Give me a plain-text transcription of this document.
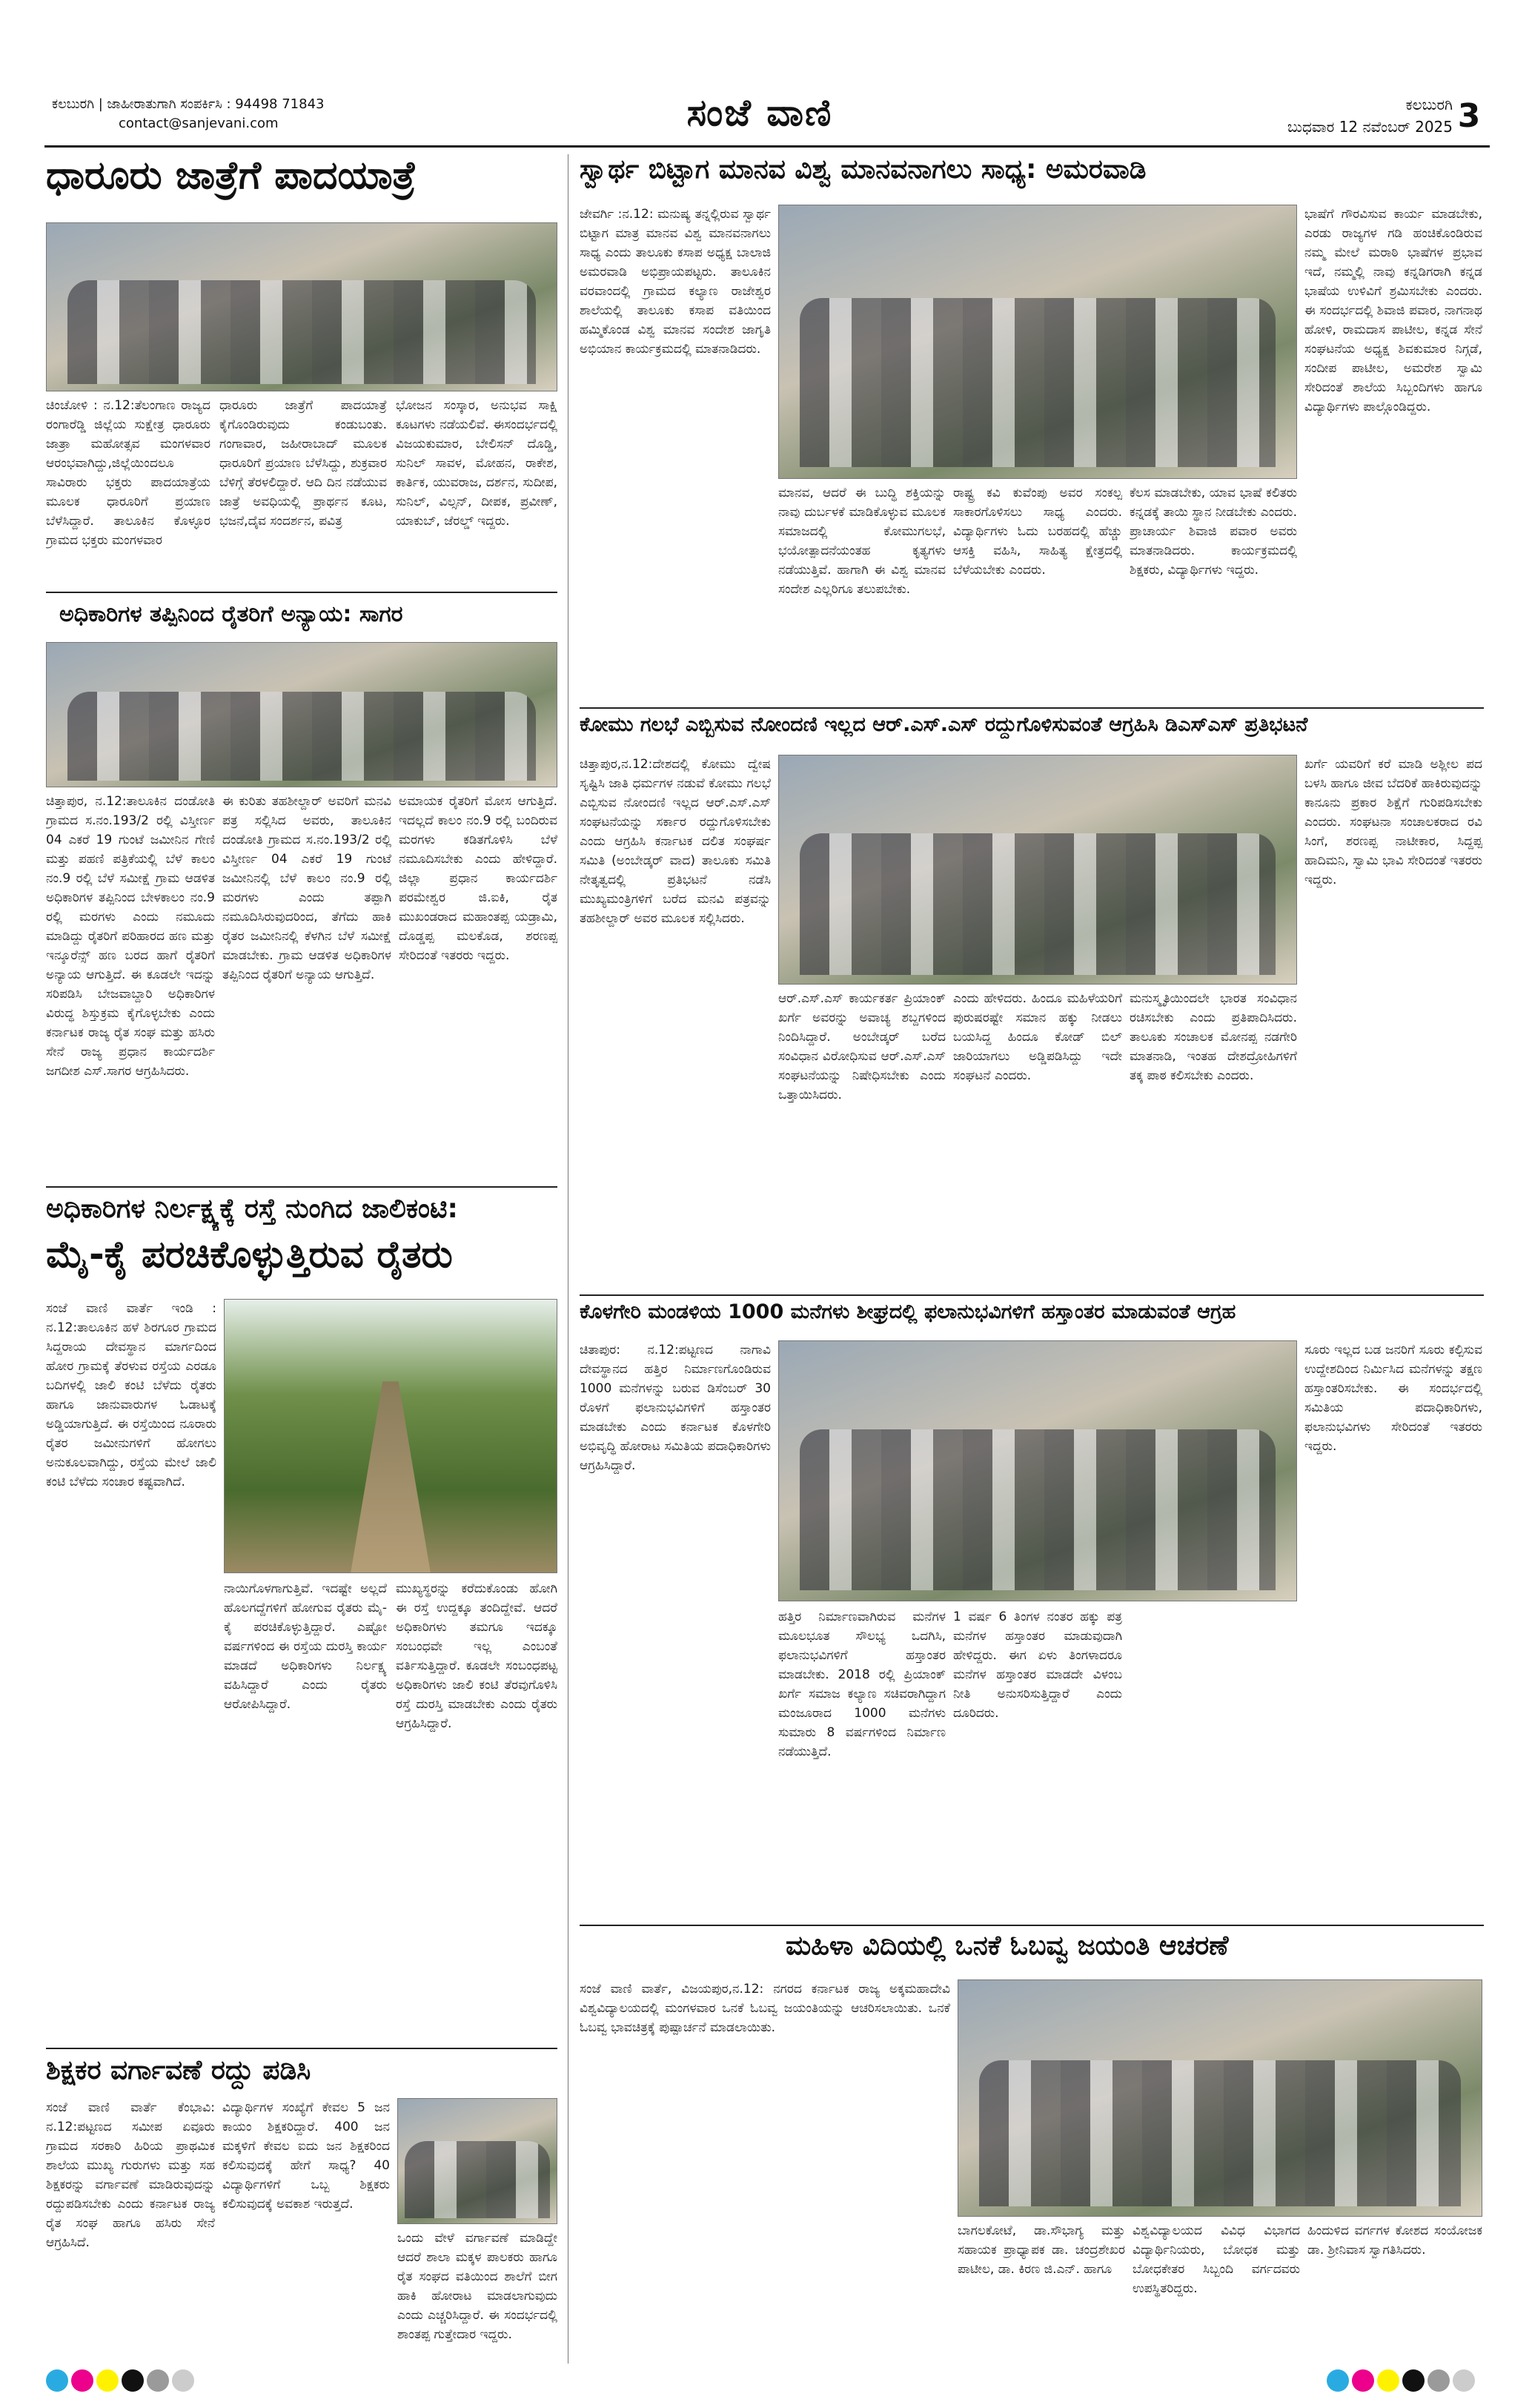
ಕಲಬುರಗಿ | ಜಾಹೀರಾತುಗಾಗಿ ಸಂಪರ್ಕಿಸಿ : 94498 71843
contact@sanjevani.com	ಸಂಜೆ ವಾಣಿ	ಕಲಬುರಗಿ
ಬುಧವಾರ 12 ನವೆಂಬರ್ 2025 3
ಧಾರೂರು ಜಾತ್ರೆಗೆ ಪಾದಯಾತ್ರೆ
ಚಿಂಚೋಳಿ : ನ.12:ತೆಲಂಗಾಣ ರಾಜ್ಯದ ರಂಗಾರೆಡ್ಡಿ ಜಿಲ್ಲೆಯ ಸುಕ್ಷೇತ್ರ ಧಾರೂರು ಜಾತ್ರಾ ಮಹೋತ್ಸವ ಮಂಗಳವಾರ ಆರಂಭವಾಗಿದ್ದು,ಜಿಲ್ಲೆಯಿಂದಲೂ ಸಾವಿರಾರು ಭಕ್ತರು ಪಾದಯಾತ್ರೆಯ ಮೂಲಕ ಧಾರೂರಿಗೆ ಪ್ರಯಾಣ ಬೆಳೆಸಿದ್ದಾರೆ. ತಾಲೂಕಿನ ಕೊಳ್ಳೂರ ಗ್ರಾಮದ ಭಕ್ತರು ಮಂಗಳವಾರ
ಧಾರೂರು ಜಾತ್ರೆಗೆ ಪಾದಯಾತ್ರೆ ಕೈಗೊಂಡಿರುವುದು ಕಂಡುಬಂತು. ಗಂಗಾವಾರ, ಜಹೀರಾಬಾದ್ ಮೂಲಕ ಧಾರೂರಿಗೆ ಪ್ರಯಾಣ ಬೆಳೆಸಿದ್ದು, ಶುಕ್ರವಾರ ಬೆಳಿಗ್ಗೆ ತೆರಳಲಿದ್ದಾರೆ. ಆದಿ ದಿನ ನಡೆಯುವ ಜಾತ್ರೆ ಅವಧಿಯಲ್ಲಿ ಪ್ರಾರ್ಥನ ಕೂಟ, ಭಜನೆ,ದೈವ ಸಂದರ್ಶನ, ಪವಿತ್ರ
ಭೋಜನ ಸಂಸ್ಕಾರ, ಅನುಭವ ಸಾಕ್ಷಿ ಕೂಟಗಳು ನಡೆಯಲಿವೆ. ಈಸಂದರ್ಭದಲ್ಲಿ ವಿಜಯಕುಮಾರ, ಬೇಲಿಸನ್ ದೊಡ್ಡಿ, ಸುನಿಲ್ ಸಾವಳ, ಮೋಹನ, ರಾಕೇಶ, ಕಾರ್ತಿಕ, ಯುವರಾಜ, ದರ್ಶನ, ಸುದೀಪ, ಸುನಿಲ್, ವಿಲ್ಸನ್, ದೀಪಕ, ಪ್ರವೀಣ್, ಯಾಕುಬ್, ಜೆರಲ್ಡ್ ಇದ್ದರು.
ಅಧಿಕಾರಿಗಳ ತಪ್ಪಿನಿಂದ ರೈತರಿಗೆ ಅನ್ಯಾಯ: ಸಾಗರ
ಚಿತ್ತಾಪುರ, ನ.12:ತಾಲೂಕಿನ ದಂಡೋತಿ ಗ್ರಾಮದ ಸ.ನಂ.193/2 ರಲ್ಲಿ ವಿಸ್ತೀರ್ಣ 04 ಎಕರೆ 19 ಗುಂಟೆ ಜಮೀನಿನ ಗೇಣಿ ಮತ್ತು ಪಹಣಿ ಪತ್ರಿಕೆಯಲ್ಲಿ ಬೆಳೆ ಕಾಲಂ ನಂ.9 ರಲ್ಲಿ ಬೆಳೆ ಸಮೀಕ್ಷೆ ಗ್ರಾಮ ಆಡಳಿತ ಅಧಿಕಾರಿಗಳ ತಪ್ಪಿನಿಂದ ಬೇಳಕಾಲಂ ನಂ.9 ರಲ್ಲಿ ಮರಗಳು ಎಂದು ನಮೂದು ಮಾಡಿದ್ದು ರೈತರಿಗೆ ಪರಿಹಾರದ ಹಣ ಮತ್ತು ಇನ್ಶೂರೆನ್ಸ್ ಹಣ ಬರದ ಹಾಗೆ ರೈತರಿಗೆ ಅನ್ಯಾಯ ಆಗುತ್ತಿದೆ. ಈ ಕೂಡಲೇ ಇದನ್ನು ಸರಿಪಡಿಸಿ ಬೇಜವಾಬ್ದಾರಿ ಅಧಿಕಾರಿಗಳ ವಿರುದ್ಧ ಶಿಸ್ತುಕ್ರಮ ಕೈಗೊಳ್ಳಬೇಕು ಎಂದು ಕರ್ನಾಟಕ ರಾಜ್ಯ ರೈತ ಸಂಘ ಮತ್ತು ಹಸಿರು ಸೇನೆ ರಾಜ್ಯ ಪ್ರಧಾನ ಕಾರ್ಯದರ್ಶಿ ಜಗದೀಶ ಎಸ್.ಸಾಗರ ಆಗ್ರಹಿಸಿದರು.
ಈ ಕುರಿತು ತಹಶೀಲ್ದಾರ್ ಅವರಿಗೆ ಮನವಿ ಪತ್ರ ಸಲ್ಲಿಸಿದ ಅವರು, ತಾಲೂಕಿನ ದಂಡೋತಿ ಗ್ರಾಮದ ಸ.ನಂ.193/2 ರಲ್ಲಿ ವಿಸ್ತೀರ್ಣ 04 ಎಕರೆ 19 ಗುಂಟೆ ಜಮೀನಿನಲ್ಲಿ ಬೆಳೆ ಕಾಲಂ ನಂ.9 ರಲ್ಲಿ ಮರಗಳು ಎಂದು ತಪ್ಪಾಗಿ ನಮೂದಿಸಿರುವುದರಿಂದ, ತೆಗೆದು ಹಾಕಿ ರೈತರ ಜಮೀನಿನಲ್ಲಿ ಕೆಳಗಿನ ಬೆಳೆ ಸಮೀಕ್ಷೆ ಮಾಡಬೇಕು. ಗ್ರಾಮ ಆಡಳಿತ ಅಧಿಕಾರಿಗಳ ತಪ್ಪಿನಿಂದ ರೈತರಿಗೆ ಅನ್ಯಾಯ ಆಗುತ್ತಿದೆ.
ಅಮಾಯಕ ರೈತರಿಗೆ ಮೋಸ ಆಗುತ್ತಿದೆ. ಇದಲ್ಲದೆ ಕಾಲಂ ನಂ.9 ರಲ್ಲಿ ಬಂದಿರುವ ಮರಗಳು ಕಡಿತಗೊಳಿಸಿ ಬೆಳೆ ನಮೂದಿಸಬೇಕು ಎಂದು ಹೇಳಿದ್ದಾರೆ. ಜಿಲ್ಲಾ ಪ್ರಧಾನ ಕಾರ್ಯದರ್ಶಿ ಪರಮೇಶ್ವರ ಜಿ.ಐಕಿ, ರೈತ ಮುಖಂಡರಾದ ಮಹಾಂತಪ್ಪ ಯಡ್ರಾಮಿ, ದೊಡ್ಡಪ್ಪ ಮಲಕೊಡ, ಶರಣಪ್ಪ ಸೇರಿದಂತೆ ಇತರರು ಇದ್ದರು.
ಅಧಿಕಾರಿಗಳ ನಿರ್ಲಕ್ಷ್ಯಕ್ಕೆ ರಸ್ತೆ ನುಂಗಿದ ಜಾಲಿಕಂಟಿ:
ಮೈ-ಕೈ ಪರಚಿಕೊಳ್ಳುತ್ತಿರುವ ರೈತರು
ಸಂಜೆ ವಾಣಿ ವಾರ್ತೆ ಇಂಡಿ : ನ.12:ತಾಲೂಕಿನ ಹಳೆ ಶಿರಗೂರ ಗ್ರಾಮದ ಸಿದ್ದರಾಯ ದೇವಸ್ಥಾನ ಮಾರ್ಗದಿಂದ ಹೋರ ಗ್ರಾಮಕ್ಕೆ ತೆರಳುವ ರಸ್ತೆಯ ಎರಡೂ ಬದಿಗಳಲ್ಲಿ ಜಾಲಿ ಕಂಟಿ ಬೆಳೆದು ರೈತರು ಹಾಗೂ ಜಾನುವಾರುಗಳ ಓಡಾಟಕ್ಕೆ ಅಡ್ಡಿಯಾಗುತ್ತಿದೆ. ಈ ರಸ್ತೆಯಿಂದ ನೂರಾರು ರೈತರ ಜಮೀನುಗಳಿಗೆ ಹೋಗಲು ಅನುಕೂಲವಾಗಿದ್ದು, ರಸ್ತೆಯ ಮೇಲೆ ಜಾಲಿ ಕಂಟಿ ಬೆಳೆದು ಸಂಚಾರ ಕಷ್ಟವಾಗಿದೆ.
ನಾಯಿಗೊಳಗಾಗುತ್ತಿವೆ. ಇದಷ್ಟೇ ಅಲ್ಲದೆ ಹೊಲಗದ್ದೆಗಳಿಗೆ ಹೋಗುವ ರೈತರು ಮೈ-ಕೈ ಪರಚಿಕೊಳ್ಳುತ್ತಿದ್ದಾರೆ. ಎಷ್ಟೋ ವರ್ಷಗಳಿಂದ ಈ ರಸ್ತೆಯ ದುರಸ್ತಿ ಕಾರ್ಯ ಮಾಡದೆ ಅಧಿಕಾರಿಗಳು ನಿರ್ಲಕ್ಷ್ಯ ವಹಿಸಿದ್ದಾರೆ ಎಂದು ರೈತರು ಆರೋಪಿಸಿದ್ದಾರೆ.
ಮುಖ್ಯಸ್ಥರನ್ನು ಕರೆದುಕೊಂಡು ಹೋಗಿ ಈ ರಸ್ತೆ ಉದ್ದಕ್ಕೂ ತಂದಿದ್ದೇವೆ. ಆದರೆ ಅಧಿಕಾರಿಗಳು ತಮಗೂ ಇದಕ್ಕೂ ಸಂಬಂಧವೇ ಇಲ್ಲ ಎಂಬಂತೆ ವರ್ತಿಸುತ್ತಿದ್ದಾರೆ. ಕೂಡಲೇ ಸಂಬಂಧಪಟ್ಟ ಅಧಿಕಾರಿಗಳು ಜಾಲಿ ಕಂಟಿ ತೆರವುಗೊಳಿಸಿ ರಸ್ತೆ ದುರಸ್ತಿ ಮಾಡಬೇಕು ಎಂದು ರೈತರು ಆಗ್ರಹಿಸಿದ್ದಾರೆ.
ಶಿಕ್ಷಕರ ವರ್ಗಾವಣೆ ರದ್ದು ಪಡಿಸಿ
ಸಂಜೆ ವಾಣಿ ವಾರ್ತೆ ಕೆಂಭಾವಿ: ನ.12:ಪಟ್ಟಣದ ಸಮೀಪ ಏವೂರು ಗ್ರಾಮದ ಸರಕಾರಿ ಹಿರಿಯ ಪ್ರಾಥಮಿಕ ಶಾಲೆಯ ಮುಖ್ಯ ಗುರುಗಳು ಮತ್ತು ಸಹ ಶಿಕ್ಷಕರನ್ನು ವರ್ಗಾವಣೆ ಮಾಡಿರುವುದನ್ನು ರದ್ದುಪಡಿಸಬೇಕು ಎಂದು ಕರ್ನಾಟಕ ರಾಜ್ಯ ರೈತ ಸಂಘ ಹಾಗೂ ಹಸಿರು ಸೇನೆ ಆಗ್ರಹಿಸಿದೆ.
ವಿದ್ಯಾರ್ಥಿಗಳ ಸಂಖ್ಯೆಗೆ ಕೇವಲ 5 ಜನ ಕಾಯಂ ಶಿಕ್ಷಕರಿದ್ದಾರೆ. 400 ಜನ ಮಕ್ಕಳಿಗೆ ಕೇವಲ ಐದು ಜನ ಶಿಕ್ಷಕರಿಂದ ಕಲಿಸುವುದಕ್ಕೆ ಹೇಗೆ ಸಾಧ್ಯ? 40 ವಿದ್ಯಾರ್ಥಿಗಳಿಗೆ ಒಬ್ಬ ಶಿಕ್ಷಕರು ಕಲಿಸುವುದಕ್ಕೆ ಅವಕಾಶ ಇರುತ್ತದೆ.
ಒಂದು ವೇಳೆ ವರ್ಗಾವಣೆ ಮಾಡಿದ್ದೇ ಆದರೆ ಶಾಲಾ ಮಕ್ಕಳ ಪಾಲಕರು ಹಾಗೂ ರೈತ ಸಂಘದ ವತಿಯಿಂದ ಶಾಲೆಗೆ ಬೀಗ ಹಾಕಿ ಹೋರಾಟ ಮಾಡಲಾಗುವುದು ಎಂದು ಎಚ್ಚರಿಸಿದ್ದಾರೆ. ಈ ಸಂದರ್ಭದಲ್ಲಿ ಶಾಂತಪ್ಪ ಗುತ್ತೇದಾರ ಇದ್ದರು.
ಸ್ವಾರ್ಥ ಬಿಟ್ಟಾಗ ಮಾನವ ವಿಶ್ವ ಮಾನವನಾಗಲು ಸಾಧ್ಯ: ಅಮರವಾಡಿ
ಜೇವರ್ಗಿ :ನ.12: ಮನುಷ್ಯ ತನ್ನಲ್ಲಿರುವ ಸ್ವಾರ್ಥ ಬಿಟ್ಟಾಗ ಮಾತ್ರ ಮಾನವ ವಿಶ್ವ ಮಾನವನಾಗಲು ಸಾಧ್ಯ ಎಂದು ತಾಲೂಕು ಕಸಾಪ ಅಧ್ಯಕ್ಷ ಬಾಲಾಜಿ ಅಮರವಾಡಿ ಅಭಿಪ್ರಾಯಪಟ್ಟರು. ತಾಲೂಕಿನ ವರವಾಂದಲ್ಲಿ ಗ್ರಾಮದ ಕಲ್ಯಾಣ ರಾಜೇಶ್ವರ ಶಾಲೆಯಲ್ಲಿ ತಾಲೂಕು ಕಸಾಪ ವತಿಯಿಂದ ಹಮ್ಮಿಕೊಂಡ ವಿಶ್ವ ಮಾನವ ಸಂದೇಶ ಜಾಗೃತಿ ಅಭಿಯಾನ ಕಾರ್ಯಕ್ರಮದಲ್ಲಿ ಮಾತನಾಡಿದರು.
ಮಾನವ, ಆದರೆ ಈ ಬುದ್ಧಿ ಶಕ್ತಿಯನ್ನು ನಾವು ದುರ್ಬಳಕೆ ಮಾಡಿಕೊಳ್ಳುವ ಮೂಲಕ ಸಮಾಜದಲ್ಲಿ ಕೋಮುಗಲಭೆ, ಭಯೋತ್ಪಾದನೆಯಂತಹ ಕೃತ್ಯಗಳು ನಡೆಯುತ್ತಿವೆ. ಹಾಗಾಗಿ ಈ ವಿಶ್ವ ಮಾನವ ಸಂದೇಶ ಎಲ್ಲರಿಗೂ ತಲುಪಬೇಕು.
ರಾಷ್ಟ್ರ ಕವಿ ಕುವೆಂಪು ಅವರ ಸಂಕಲ್ಪ ಸಾಕಾರಗೊಳಿಸಲು ಸಾಧ್ಯ ಎಂದರು. ವಿದ್ಯಾರ್ಥಿಗಳು ಓದು ಬರಹದಲ್ಲಿ ಹೆಚ್ಚು ಆಸಕ್ತಿ ವಹಿಸಿ, ಸಾಹಿತ್ಯ ಕ್ಷೇತ್ರದಲ್ಲಿ ಬೆಳೆಯಬೇಕು ಎಂದರು.
ಕೆಲಸ ಮಾಡಬೇಕು, ಯಾವ ಭಾಷೆ ಕಲಿತರು ಕನ್ನಡಕ್ಕೆ ತಾಯಿ ಸ್ಥಾನ ನೀಡಬೇಕು ಎಂದರು. ಪ್ರಾಚಾರ್ಯ ಶಿವಾಜಿ ಪವಾರ ಅವರು ಮಾತನಾಡಿದರು. ಕಾರ್ಯಕ್ರಮದಲ್ಲಿ ಶಿಕ್ಷಕರು, ವಿದ್ಯಾರ್ಥಿಗಳು ಇದ್ದರು.
ಭಾಷೆಗೆ ಗೌರವಿಸುವ ಕಾರ್ಯ ಮಾಡಬೇಕು, ಎರಡು ರಾಜ್ಯಗಳ ಗಡಿ ಹಂಚಿಕೊಂಡಿರುವ ನಮ್ಮ ಮೇಲೆ ಮರಾಠಿ ಭಾಷೆಗಳ ಪ್ರಭಾವ ಇದೆ, ನಮ್ಮಲ್ಲಿ ನಾವು ಕನ್ನಡಿಗರಾಗಿ ಕನ್ನಡ ಭಾಷೆಯ ಉಳಿವಿಗೆ ಶ್ರಮಿಸಬೇಕು ಎಂದರು. ಈ ಸಂದರ್ಭದಲ್ಲಿ ಶಿವಾಜಿ ಪವಾರ, ನಾಗನಾಥ ಹೋಳಿ, ರಾಮದಾಸ ಪಾಟೀಲ, ಕನ್ನಡ ಸೇನೆ ಸಂಘಟನೆಯ ಅಧ್ಯಕ್ಷ ಶಿವಕುಮಾರ ನಿಗ್ಗಡೆ, ಸಂದೀಪ ಪಾಟೀಲ, ಅಮರೇಶ ಸ್ವಾಮಿ ಸೇರಿದಂತೆ ಶಾಲೆಯ ಸಿಬ್ಬಂದಿಗಳು ಹಾಗೂ ವಿದ್ಯಾರ್ಥಿಗಳು ಪಾಲ್ಗೊಂಡಿದ್ದರು.
ಕೋಮು ಗಲಭೆ ಎಬ್ಬಿಸುವ ನೋಂದಣಿ ಇಲ್ಲದ ಆರ್.ಎಸ್.ಎಸ್ ರದ್ದುಗೊಳಿಸುವಂತೆ ಆಗ್ರಹಿಸಿ ಡಿಎಸ್ಎಸ್ ಪ್ರತಿಭಟನೆ
ಚಿತ್ತಾಪುರ,ನ.12:ದೇಶದಲ್ಲಿ ಕೋಮು ದ್ವೇಷ ಸೃಷ್ಟಿಸಿ ಜಾತಿ ಧರ್ಮಗಳ ನಡುವೆ ಕೋಮು ಗಲಭೆ ಎಬ್ಬಿಸುವ ನೋಂದಣಿ ಇಲ್ಲದ ಆರ್.ಎಸ್.ಎಸ್ ಸಂಘಟನೆಯನ್ನು ಸರ್ಕಾರ ರದ್ದುಗೊಳಿಸಬೇಕು ಎಂದು ಆಗ್ರಹಿಸಿ ಕರ್ನಾಟಕ ದಲಿತ ಸಂಘರ್ಷ ಸಮಿತಿ (ಅಂಬೇಡ್ಕರ್ ವಾದ) ತಾಲೂಕು ಸಮಿತಿ ನೇತೃತ್ವದಲ್ಲಿ ಪ್ರತಿಭಟನೆ ನಡೆಸಿ ಮುಖ್ಯಮಂತ್ರಿಗಳಿಗೆ ಬರೆದ ಮನವಿ ಪತ್ರವನ್ನು ತಹಶೀಲ್ದಾರ್ ಅವರ ಮೂಲಕ ಸಲ್ಲಿಸಿದರು.
ಆರ್.ಎಸ್.ಎಸ್ ಕಾರ್ಯಕರ್ತ ಪ್ರಿಯಾಂಕ್ ಖರ್ಗೆ ಅವರನ್ನು ಅವಾಚ್ಯ ಶಬ್ದಗಳಿಂದ ನಿಂದಿಸಿದ್ದಾರೆ. ಅಂಬೇಡ್ಕರ್ ಬರೆದ ಸಂವಿಧಾನ ವಿರೋಧಿಸುವ ಆರ್.ಎಸ್.ಎಸ್ ಸಂಘಟನೆಯನ್ನು ನಿಷೇಧಿಸಬೇಕು ಎಂದು ಒತ್ತಾಯಿಸಿದರು.
ಎಂದು ಹೇಳಿದರು. ಹಿಂದೂ ಮಹಿಳೆಯರಿಗೆ ಪುರುಷರಷ್ಟೇ ಸಮಾನ ಹಕ್ಕು ನೀಡಲು ಬಯಸಿದ್ದ ಹಿಂದೂ ಕೋಡ್ ಬಿಲ್ ಜಾರಿಯಾಗಲು ಅಡ್ಡಿಪಡಿಸಿದ್ದು ಇದೇ ಸಂಘಟನೆ ಎಂದರು.
ಮನುಸ್ಮೃತಿಯಿಂದಲೇ ಭಾರತ ಸಂವಿಧಾನ ರಚಿಸಬೇಕು ಎಂದು ಪ್ರತಿಪಾದಿಸಿದರು. ತಾಲೂಕು ಸಂಚಾಲಕ ಮೋನಪ್ಪ ನಡಗೇರಿ ಮಾತನಾಡಿ, ಇಂತಹ ದೇಶದ್ರೋಹಿಗಳಿಗೆ ತಕ್ಕ ಪಾಠ ಕಲಿಸಬೇಕು ಎಂದರು.
ಖರ್ಗೆ ಯವರಿಗೆ ಕರೆ ಮಾಡಿ ಅಶ್ಲೀಲ ಪದ ಬಳಸಿ ಹಾಗೂ ಜೀವ ಬೆದರಿಕೆ ಹಾಕಿರುವುದನ್ನು ಕಾನೂನು ಪ್ರಕಾರ ಶಿಕ್ಷೆಗೆ ಗುರಿಪಡಿಸಬೇಕು ಎಂದರು. ಸಂಘಟನಾ ಸಂಚಾಲಕರಾದ ರವಿ ಸಿಂಗೆ, ಶರಣಪ್ಪ ನಾಟೀಕಾರ, ಸಿದ್ದಪ್ಪ ಹಾದಿಮನಿ, ಸ್ವಾಮಿ ಭಾವಿ ಸೇರಿದಂತೆ ಇತರರು ಇದ್ದರು.
ಕೊಳಗೇರಿ ಮಂಡಳಿಯ 1000 ಮನೆಗಳು ಶೀಘ್ರದಲ್ಲಿ ಫಲಾನುಭವಿಗಳಿಗೆ ಹಸ್ತಾಂತರ ಮಾಡುವಂತೆ ಆಗ್ರಹ
ಚಿತಾಪುರ: ನ.12:ಪಟ್ಟಣದ ನಾಗಾವಿ ದೇವಸ್ಥಾನದ ಹತ್ತಿರ ನಿರ್ಮಾಣಗೊಂಡಿರುವ 1000 ಮನೆಗಳನ್ನು ಬರುವ ಡಿಸೆಂಬರ್ 30 ರೊಳಗೆ ಫಲಾನುಭವಿಗಳಿಗೆ ಹಸ್ತಾಂತರ ಮಾಡಬೇಕು ಎಂದು ಕರ್ನಾಟಕ ಕೊಳಗೇರಿ ಅಭಿವೃದ್ಧಿ ಹೋರಾಟ ಸಮಿತಿಯ ಪದಾಧಿಕಾರಿಗಳು ಆಗ್ರಹಿಸಿದ್ದಾರೆ.
ಹತ್ತಿರ ನಿರ್ಮಾಣವಾಗಿರುವ ಮನೆಗಳ ಮೂಲಭೂತ ಸೌಲಭ್ಯ ಒದಗಿಸಿ, ಫಲಾನುಭವಿಗಳಿಗೆ ಹಸ್ತಾಂತರ ಮಾಡಬೇಕು. 2018 ರಲ್ಲಿ ಪ್ರಿಯಾಂಕ್ ಖರ್ಗೆ ಸಮಾಜ ಕಲ್ಯಾಣ ಸಚಿವರಾಗಿದ್ದಾಗ ಮಂಜೂರಾದ 1000 ಮನೆಗಳು ಸುಮಾರು 8 ವರ್ಷಗಳಿಂದ ನಿರ್ಮಾಣ ನಡೆಯುತ್ತಿದೆ.
1 ವರ್ಷ 6 ತಿಂಗಳ ನಂತರ ಹಕ್ಕು ಪತ್ರ ಮನೆಗಳ ಹಸ್ತಾಂತರ ಮಾಡುವುದಾಗಿ ಹೇಳಿದ್ದರು. ಈಗ ಏಳು ತಿಂಗಳಾದರೂ ಮನೆಗಳ ಹಸ್ತಾಂತರ ಮಾಡದೇ ವಿಳಂಬ ನೀತಿ ಅನುಸರಿಸುತ್ತಿದ್ದಾರೆ ಎಂದು ದೂರಿದರು.
ಸೂರು ಇಲ್ಲದ ಬಡ ಜನರಿಗೆ ಸೂರು ಕಲ್ಪಿಸುವ ಉದ್ದೇಶದಿಂದ ನಿರ್ಮಿಸಿದ ಮನೆಗಳನ್ನು ತಕ್ಷಣ ಹಸ್ತಾಂತರಿಸಬೇಕು. ಈ ಸಂದರ್ಭದಲ್ಲಿ ಸಮಿತಿಯ ಪದಾಧಿಕಾರಿಗಳು, ಫಲಾನುಭವಿಗಳು ಸೇರಿದಂತೆ ಇತರರು ಇದ್ದರು.
ಮಹಿಳಾ ವಿದಿಯಲ್ಲಿ ಒನಕೆ ಓಬವ್ವ ಜಯಂತಿ ಆಚರಣೆ
ಸಂಜೆ ವಾಣಿ ವಾರ್ತೆ, ವಿಜಯಪುರ,ನ.12: ನಗರದ ಕರ್ನಾಟಕ ರಾಜ್ಯ ಅಕ್ಕಮಹಾದೇವಿ ವಿಶ್ವವಿದ್ಯಾಲಯದಲ್ಲಿ ಮಂಗಳವಾರ ಒನಕೆ ಓಬವ್ವ ಜಯಂತಿಯನ್ನು ಆಚರಿಸಲಾಯಿತು. ಒನಕೆ ಓಬವ್ವ ಭಾವಚಿತ್ರಕ್ಕೆ ಪುಷ್ಪಾರ್ಚನೆ ಮಾಡಲಾಯಿತು.
ಬಾಗಲಕೋಟೆ, ಡಾ.ಸೌಭಾಗ್ಯ ಮತ್ತು ಸಹಾಯಕ ಪ್ರಾಧ್ಯಾಪಕ ಡಾ. ಚಂದ್ರಶೇಖರ ಪಾಟೀಲ, ಡಾ. ಕಿರಣ ಜಿ.ಎನ್. ಹಾಗೂ
ವಿಶ್ವವಿದ್ಯಾಲಯದ ವಿವಿಧ ವಿಭಾಗದ ವಿದ್ಯಾರ್ಥಿನಿಯರು, ಬೋಧಕ ಮತ್ತು ಬೋಧಕೇತರ ಸಿಬ್ಬಂದಿ ವರ್ಗದವರು ಉಪಸ್ಥಿತರಿದ್ದರು.
ಹಿಂದುಳಿದ ವರ್ಗಗಳ ಕೋಶದ ಸಂಯೋಜಕ ಡಾ. ಶ್ರೀನಿವಾಸ ಸ್ವಾಗತಿಸಿದರು.
